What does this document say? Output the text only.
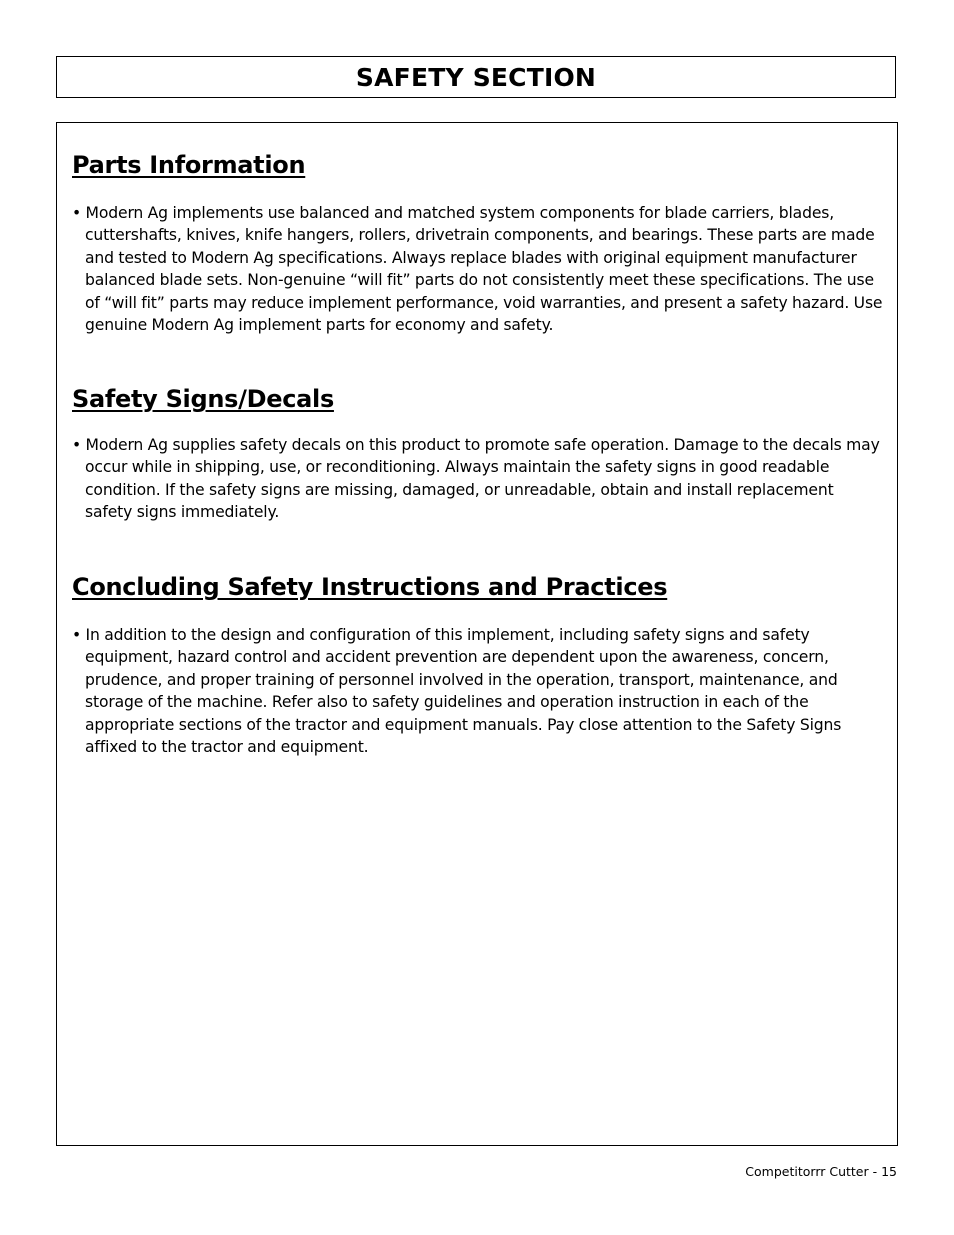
SAFETY SECTION
Parts Information

• Modern Ag implements use balanced and matched system components for blade carriers, blades, cuttershafts, knives, knife hangers, rollers, drivetrain components, and bearings. These parts are made and tested to Modern Ag specifications. Always replace blades with original equipment manufacturer balanced blade sets. Non-genuine “will fit” parts do not consistently meet these specifications. The use of “will fit” parts may reduce implement performance, void warranties, and present a safety hazard. Use genuine Modern Ag implement parts for economy and safety.

Safety Signs/Decals

• Modern Ag supplies safety decals on this product to promote safe operation. Damage to the decals may occur while in shipping, use, or reconditioning. Always maintain the safety signs in good readable condition. If the safety signs are missing, damaged, or unreadable, obtain and install replacement safety signs immediately.

Concluding Safety Instructions and Practices

• In addition to the design and configuration of this implement, including safety signs and safety equipment, hazard control and accident prevention are dependent upon the awareness, concern, prudence, and proper training of personnel involved in the operation, transport, maintenance, and storage of the machine. Refer also to safety guidelines and operation instruction in each of the appropriate sections of the tractor and equipment manuals. Pay close attention to the Safety Signs affixed to the tractor and equipment.

Competitorrr Cutter - 15
